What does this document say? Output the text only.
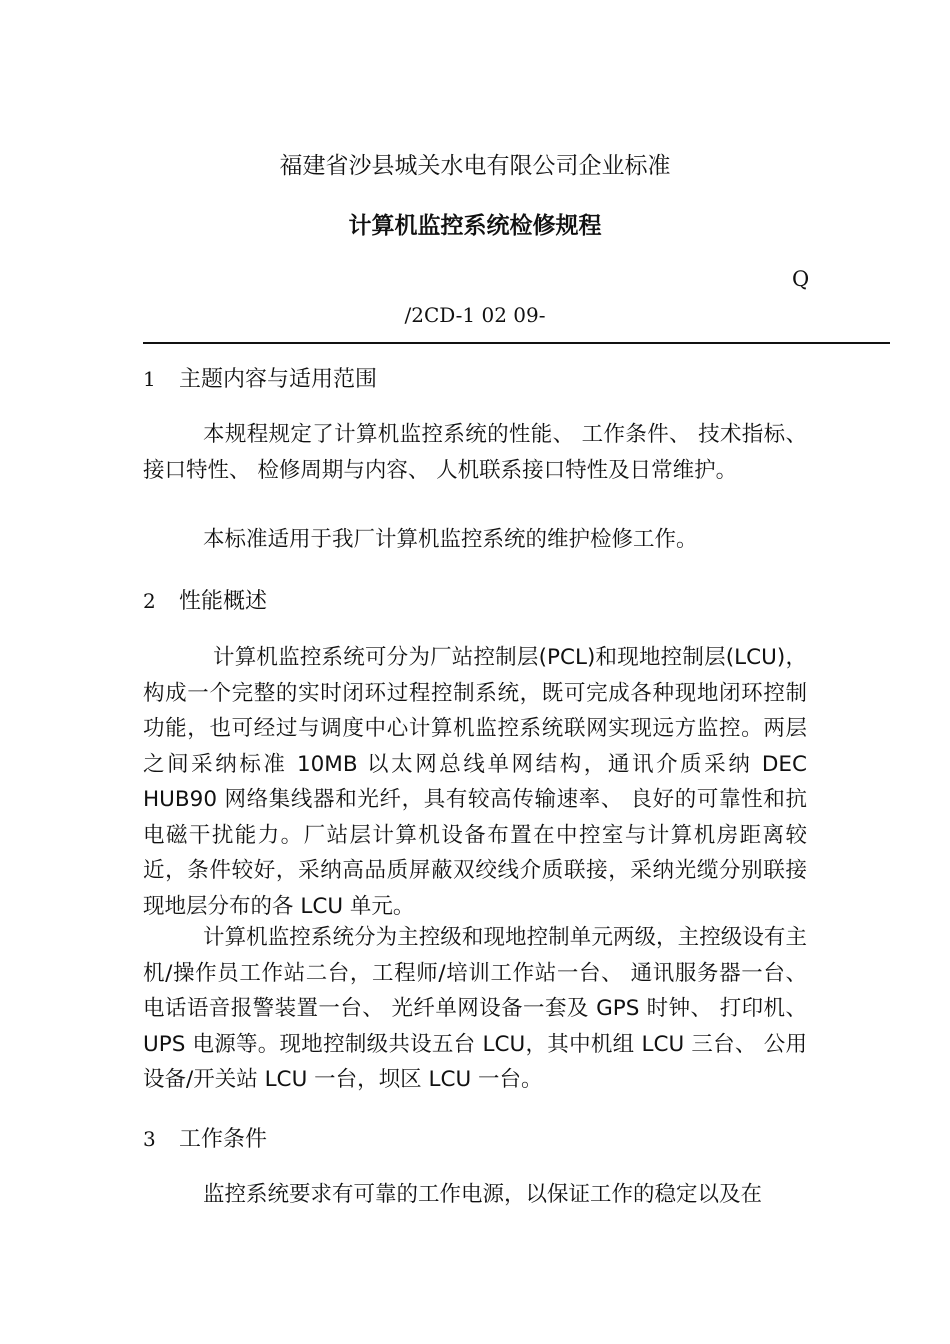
福建省沙县城关水电有限公司企业标准
计算机监控系统检修规程
Q
/2CD-1 02 09-
1 主题内容与适用范围

本规程规定了计算机监控系统的性能、 工作条件、 技术指标、 接口特性、 检修周期与内容、 人机联系接口特性及日常维护。

本标准适用于我厂计算机监控系统的维护检修工作。

2 性能概述

计算机监控系统可分为厂站控制层(PCL)和现地控制层(LCU)，构成一个完整的实时闭环过程控制系统，既可完成各种现地闭环控制功能，也可经过与调度中心计算机监控系统联网实现远方监控。两层之间采纳标准 10MB 以太网总线单网结构，通讯介质采纳 DEC HUB90 网络集线器和光纤，具有较高传输速率、 良好的可靠性和抗电磁干扰能力。厂站层计算机设备布置在中控室与计算机房距离较近，条件较好，采纳高品质屏蔽双绞线介质联接，采纳光缆分别联接现地层分布的各 LCU 单元。

计算机监控系统分为主控级和现地控制单元两级，主控级设有主机/操作员工作站二台，工程师/培训工作站一台、 通讯服务器一台、 电话语音报警装置一台、 光纤单网设备一套及 GPS 时钟、 打印机、 UPS 电源等。现地控制级共设五台 LCU，其中机组 LCU 三台、 公用设备/开关站 LCU 一台，坝区 LCU 一台。

3 工作条件

监控系统要求有可靠的工作电源，以保证工作的稳定以及在
